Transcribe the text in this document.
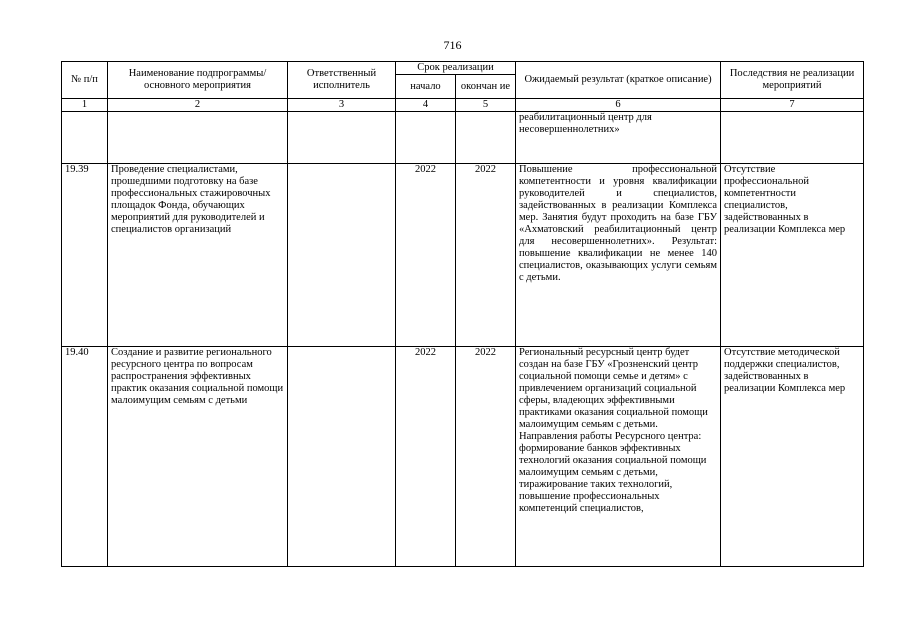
716
№ п/п	Наименование подпрограммы/ основного мероприятия	Ответственный исполнитель	Срок реализации		Ожидаемый результат (краткое описание)	Последствия не реализации мероприятий
			начало	окончан ие		
1	2	3	4	5	6	7
					реабилитационный центр для несовершеннолетних»	
19.39	Проведение специалистами, прошедшими подготовку на базе профессиональных стажировочных площадок Фонда, обучающих мероприятий для руководителей и специалистов организаций		2022	2022	Повышение профессиональной компетентности и уровня квалификации руководителей и специалистов, задействованных в реализации Комплекса мер. Занятия будут проходить на базе ГБУ «Ахматовский реабилитационный центр для несовершеннолетних». Результат: повышение квалификации не менее 140 специалистов, оказывающих услуги семьям с детьми.	Отсутствие профессиональной компетентности специалистов, задействованных в реализации Комплекса мер
19.40	Создание и развитие регионального ресурсного центра по вопросам распространения эффективных практик оказания социальной помощи малоимущим семьям с детьми		2022	2022	Региональный ресурсный центр будет создан на базе ГБУ «Грозненский центр социальной помощи семье и детям» с привлечением организаций социальной сферы, владеющих эффективными практиками оказания социальной помощи малоимущим семьям с детьми. Направления работы Ресурсного центра: формирование банков эффективных технологий оказания социальной помощи малоимущим семьям с детьми, тиражирование таких технологий, повышение профессиональных компетенций специалистов,	Отсутствие методической поддержки специалистов, задействованных в реализации Комплекса мер
